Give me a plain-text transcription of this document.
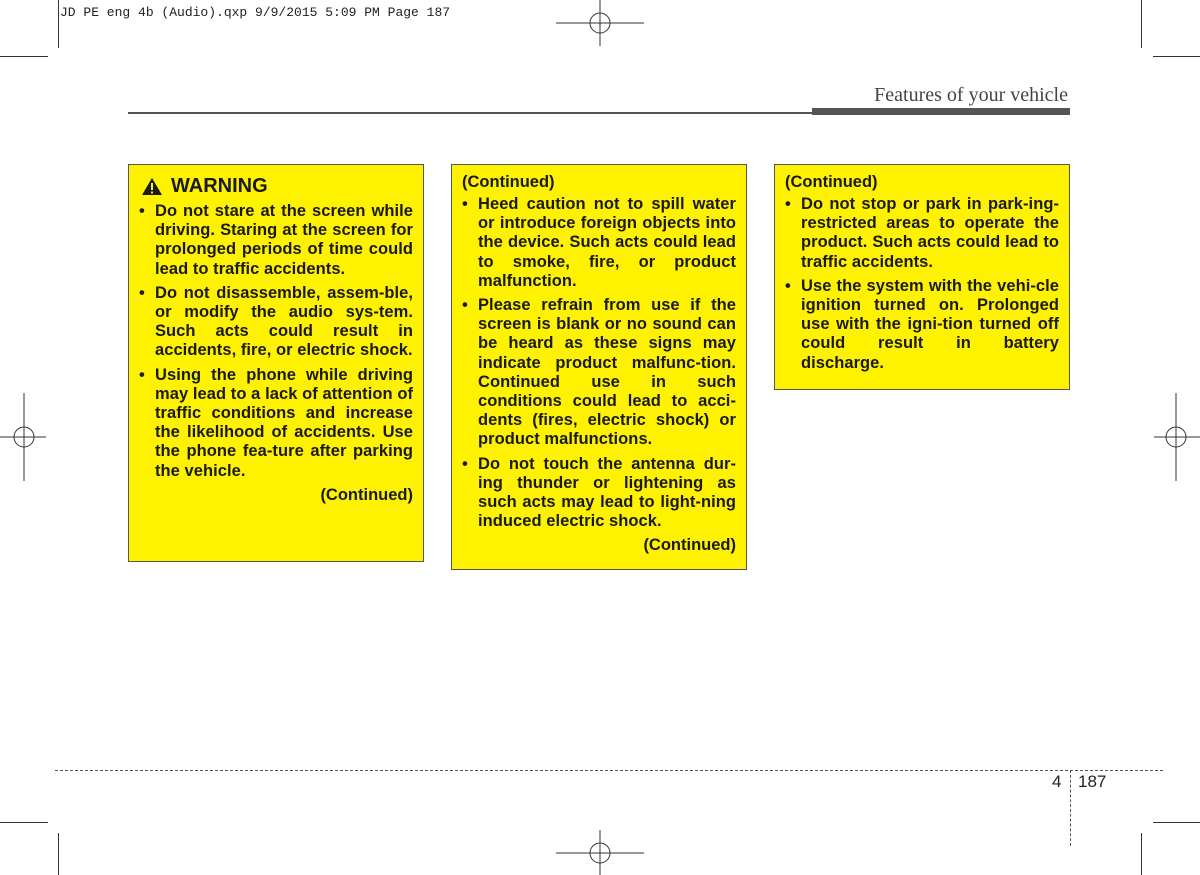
JD PE eng 4b (Audio).qxp 9/9/2015 5:09 PM Page 187
Features of your vehicle
WARNING
• Do not stare at the screen while driving. Staring at the screen for prolonged periods of time could lead to traffic accidents.
• Do not disassemble, assem-ble, or modify the audio sys-tem. Such acts could result in accidents, fire, or electric shock.
• Using the phone while driving may lead to a lack of attention of traffic conditions and increase the likelihood of accidents. Use the phone fea-ture after parking the vehicle.
(Continued)
(Continued)
• Heed caution not to spill water or introduce foreign objects into the device. Such acts could lead to smoke, fire, or product malfunction.
• Please refrain from use if the screen is blank or no sound can be heard as these signs may indicate product malfunc-tion. Continued use in such conditions could lead to acci-dents (fires, electric shock) or product malfunctions.
• Do not touch the antenna dur-ing thunder or lightening as such acts may lead to light-ning induced electric shock.
(Continued)
(Continued)
• Do not stop or park in park-ing-restricted areas to operate the product. Such acts could lead to traffic accidents.
• Use the system with the vehi-cle ignition turned on. Prolonged use with the igni-tion turned off could result in battery discharge.
4 187
